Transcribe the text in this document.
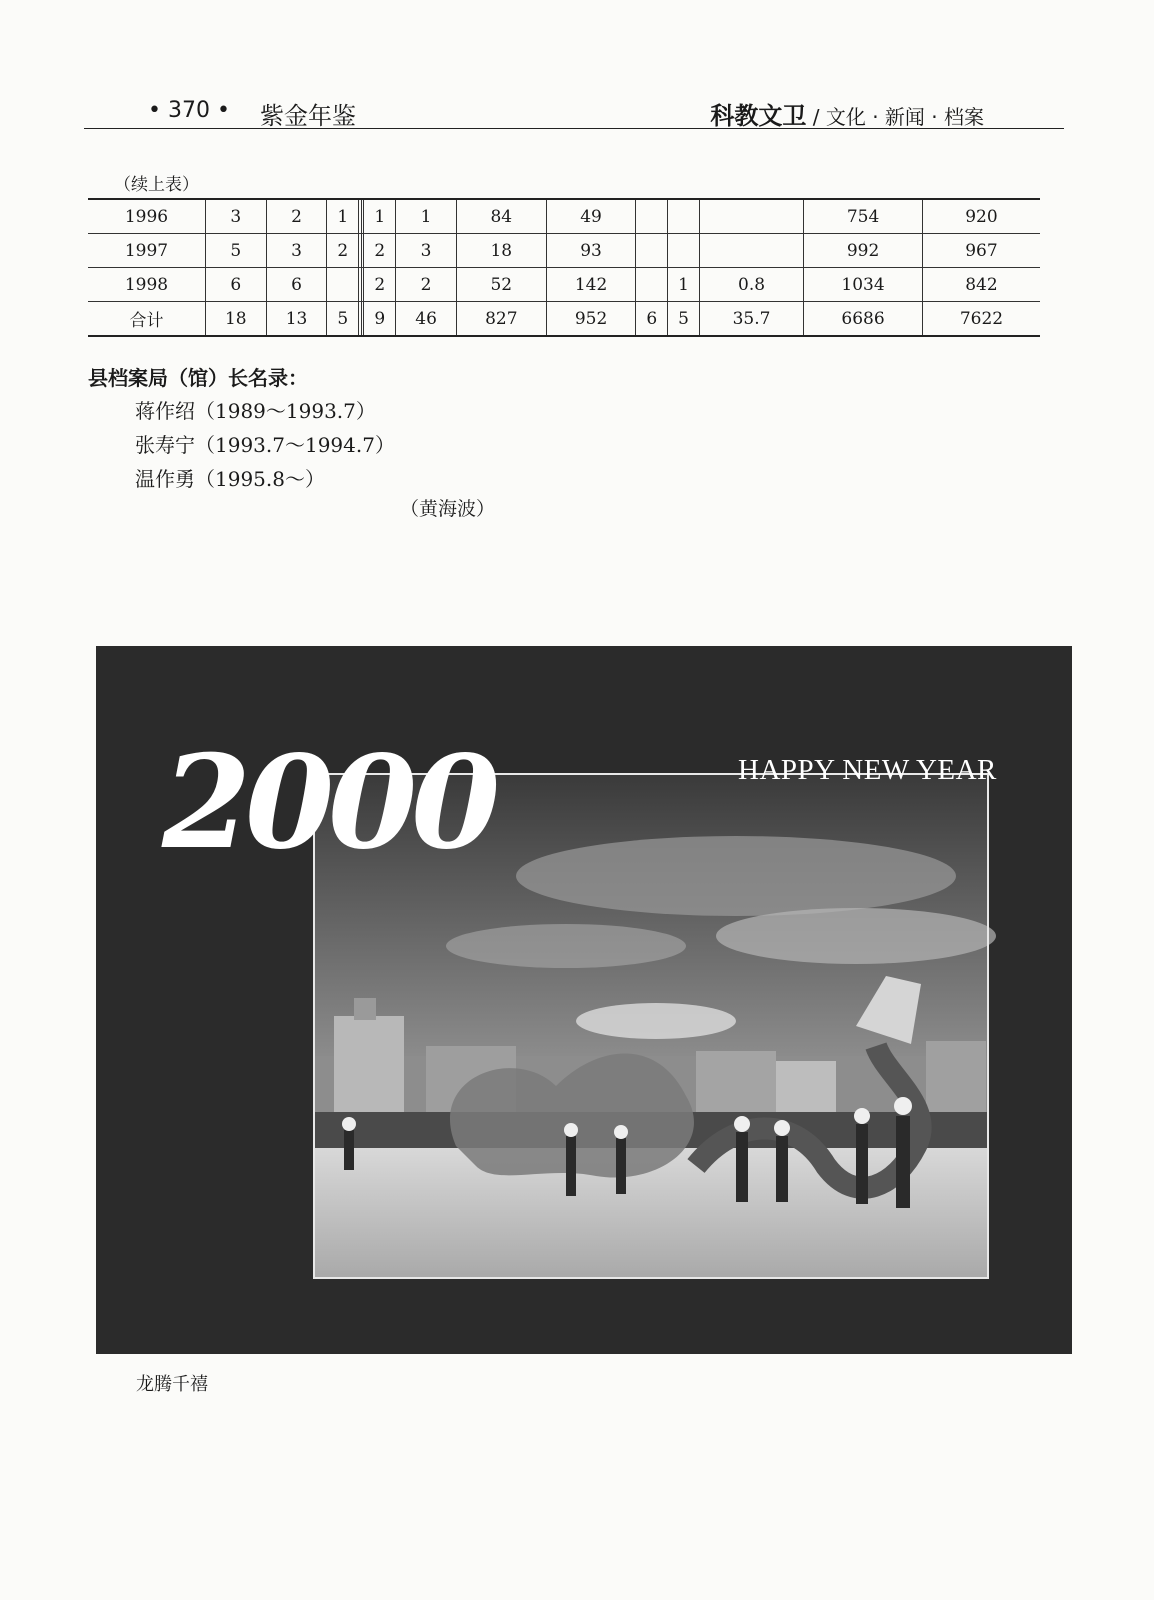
• 370 • 紫金年鉴	科教文卫 / 文化 · 新闻 · 档案
（续上表）
1996	3	2	1			1	1	84	49				754	920
1997	5	3	2			2	3	18	93				992	967
1998	6	6				2	2	52	142		1	0.8	1034	842
合计	18	13	5			9	46	827	952	6	5	35.7	6686	7622
县档案局（馆）长名录：
蒋作绍（1989～1993.7）
张寿宁（1993.7～1994.7）
温作勇（1995.8～）
（黄海波）
2000	HAPPY NEW YEAR
龙腾千禧
